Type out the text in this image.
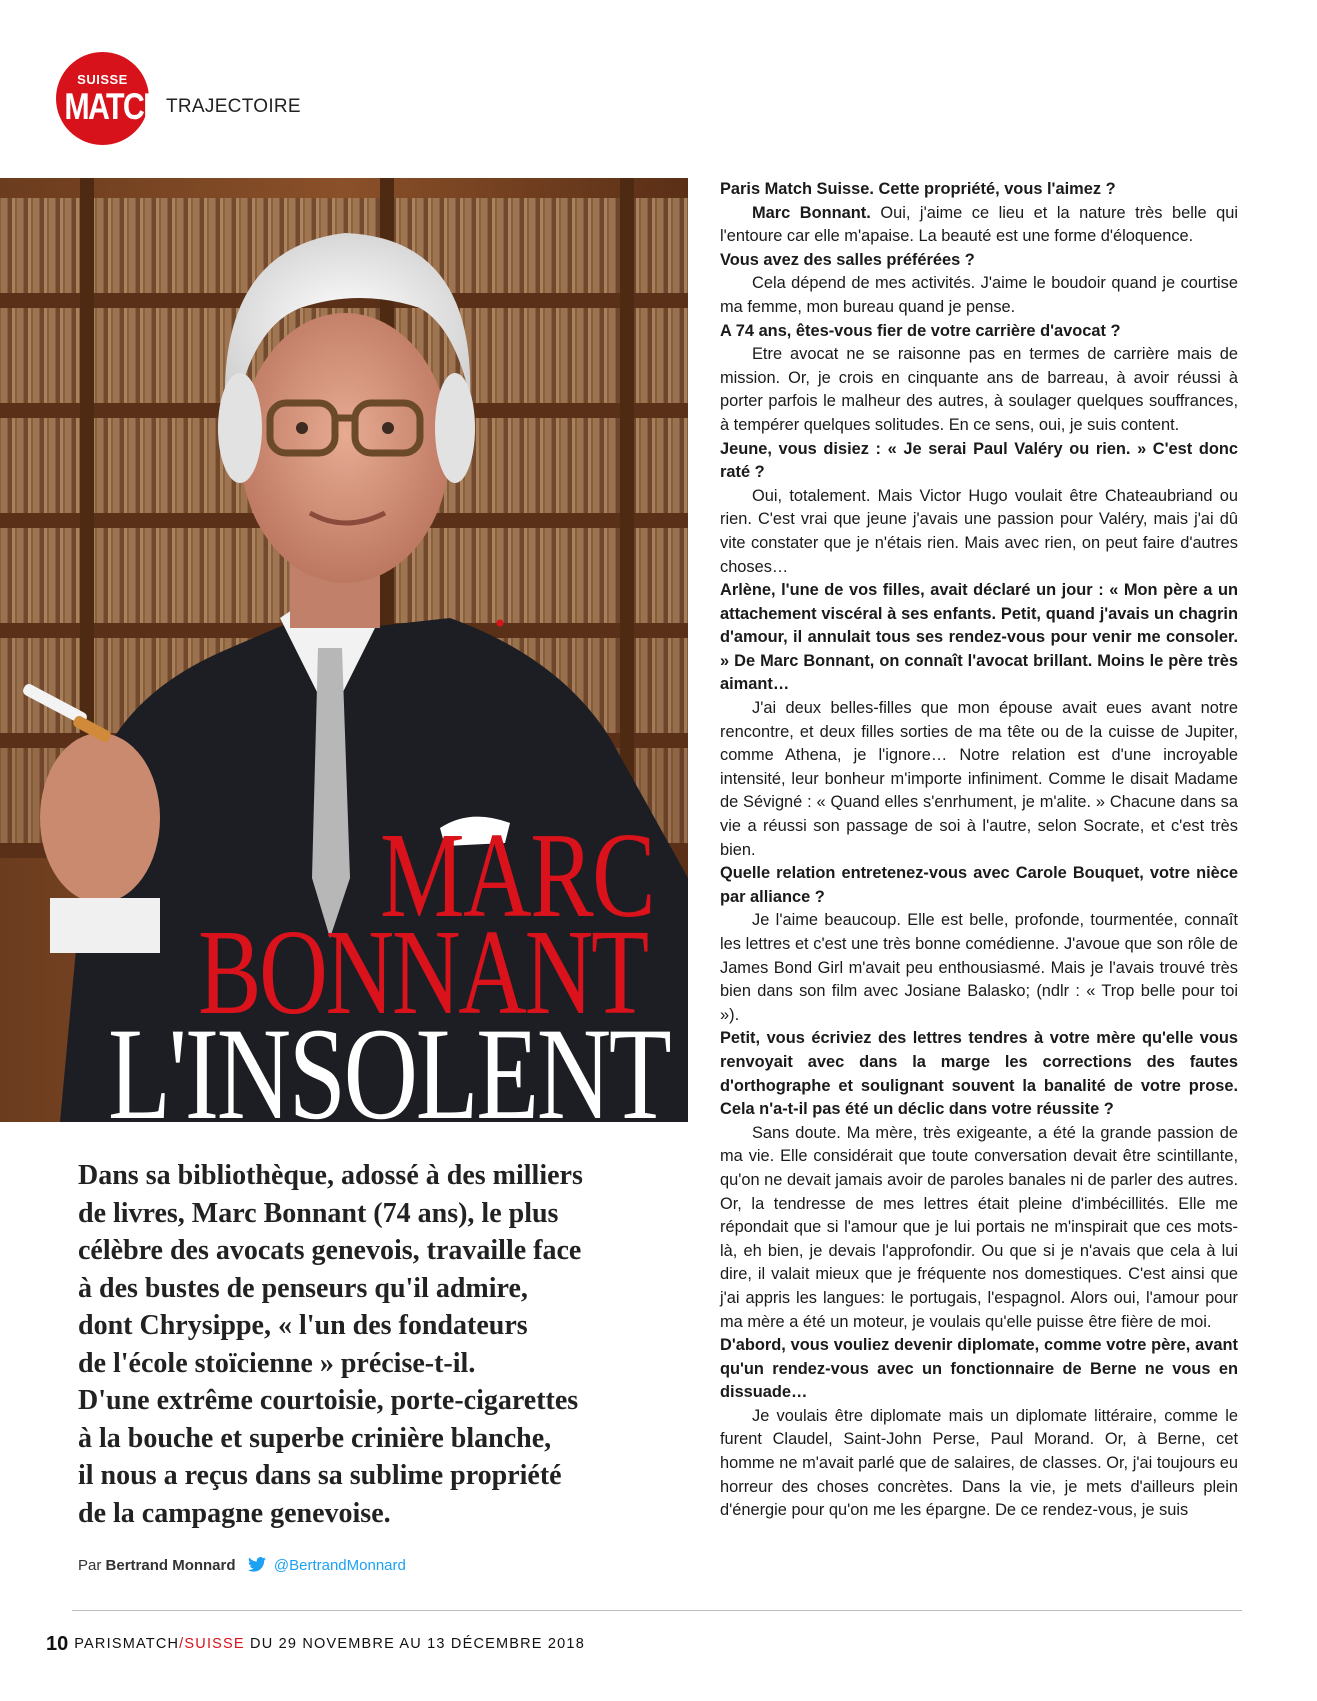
SUISSE
MATCH TRAJECTOIRE
MARC
BONNANT
L'INSOLENT
Dans sa bibliothèque, adossé à des milliers
de livres, Marc Bonnant (74 ans), le plus
célèbre des avocats genevois, travaille face
à des bustes de penseurs qu'il admire,
dont Chrysippe, « l'un des fondateurs
de l'école stoïcienne » précise-t-il.
D'une extrême courtoisie, porte-cigarettes
à la bouche et superbe crinière blanche,
il nous a reçus dans sa sublime propriété
de la campagne genevoise.
Par Bertrand Monnard	@BertrandMonnard

Paris Match Suisse. Cette propriété, vous l'aimez ?

Marc Bonnant. Oui, j'aime ce lieu et la nature très belle qui l'entoure car elle m'apaise. La beauté est une forme d'éloquence.

Vous avez des salles préférées ?

Cela dépend de mes activités. J'aime le boudoir quand je courtise ma femme, mon bureau quand je pense.

A 74 ans, êtes-vous fier de votre carrière d'avocat ?

Etre avocat ne se raisonne pas en termes de carrière mais de mission. Or, je crois en cinquante ans de barreau, à avoir réussi à porter parfois le malheur des autres, à soulager quelques souffrances, à tempérer quelques solitudes. En ce sens, oui, je suis content.

Jeune, vous disiez : « Je serai Paul Valéry ou rien. » C'est donc raté ?

Oui, totalement. Mais Victor Hugo voulait être Chateaubriand ou rien. C'est vrai que jeune j'avais une passion pour Valéry, mais j'ai dû vite constater que je n'étais rien. Mais avec rien, on peut faire d'autres choses…

Arlène, l'une de vos filles, avait déclaré un jour : « Mon père a un attachement viscéral à ses enfants. Petit, quand j'avais un chagrin d'amour, il annulait tous ses rendez-vous pour venir me consoler. » De Marc Bonnant, on connaît l'avocat brillant. Moins le père très aimant…

J'ai deux belles-filles que mon épouse avait eues avant notre rencontre, et deux filles sorties de ma tête ou de la cuisse de Jupiter, comme Athena, je l'ignore… Notre relation est d'une incroyable intensité, leur bonheur m'importe infiniment. Comme le disait Madame de Sévigné : « Quand elles s'enrhument, je m'alite. » Chacune dans sa vie a réussi son passage de soi à l'autre, selon Socrate, et c'est très bien.

Quelle relation entretenez-vous avec Carole Bouquet, votre nièce par alliance ?

Je l'aime beaucoup. Elle est belle, profonde, tourmentée, connaît les lettres et c'est une très bonne comédienne. J'avoue que son rôle de James Bond Girl m'avait peu enthousiasmé. Mais je l'avais trouvé très bien dans son film avec Josiane Balasko; (ndlr : « Trop belle pour toi »).

Petit, vous écriviez des lettres tendres à votre mère qu'elle vous renvoyait avec dans la marge les corrections des fautes d'orthographe et soulignant souvent la banalité de votre prose. Cela n'a-t-il pas été un déclic dans votre réussite ?

Sans doute. Ma mère, très exigeante, a été la grande passion de ma vie. Elle considérait que toute conversation devait être scintillante, qu'on ne devait jamais avoir de paroles banales ni de parler des autres. Or, la tendresse de mes lettres était pleine d'imbécillités. Elle me répondait que si l'amour que je lui portais ne m'inspirait que ces mots-là, eh bien, je devais l'approfondir. Ou que si je n'avais que cela à lui dire, il valait mieux que je fréquente nos domestiques. C'est ainsi que j'ai appris les langues: le portugais, l'espagnol. Alors oui, l'amour pour ma mère a été un moteur, je voulais qu'elle puisse être fière de moi.

D'abord, vous vouliez devenir diplomate, comme votre père, avant qu'un rendez-vous avec un fonctionnaire de Berne ne vous en dissuade…

Je voulais être diplomate mais un diplomate littéraire, comme le furent Claudel, Saint-John Perse, Paul Morand. Or, à Berne, cet homme ne m'avait parlé que de salaires, de classes. Or, j'ai toujours eu horreur des choses concrètes. Dans la vie, je mets d'ailleurs plein d'énergie pour qu'on me les épargne. De ce rendez-vous, je suis

10 PARISMATCH/SUISSE DU 29 NOVEMBRE AU 13 DÉCEMBRE 2018
